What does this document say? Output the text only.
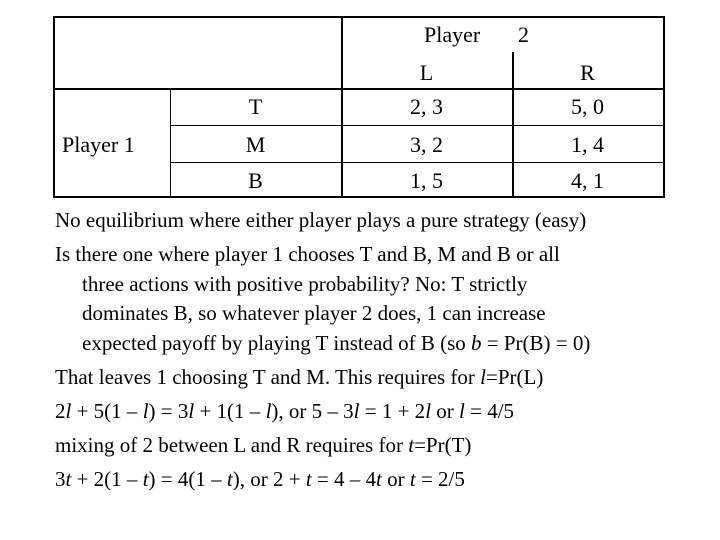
Player 2
L	R
Player 1
T	2, 3	5, 0
M	3, 2	1, 4
B	1, 5	4, 1
No equilibrium where either player plays a pure strategy (easy)
Is there one where player 1 chooses T and B, M and B or all
three actions with positive probability? No: T strictly
dominates B, so whatever player 2 does, 1 can increase
expected payoff by playing T instead of B (so b = Pr(B) = 0)
That leaves 1 choosing T and M. This requires for l=Pr(L)
2l + 5(1 – l) = 3l + 1(1 – l), or 5 – 3l = 1 + 2l or l = 4/5
mixing of 2 between L and R requires for t=Pr(T)
3t + 2(1 – t) = 4(1 – t), or 2 + t = 4 – 4t or t = 2/5
